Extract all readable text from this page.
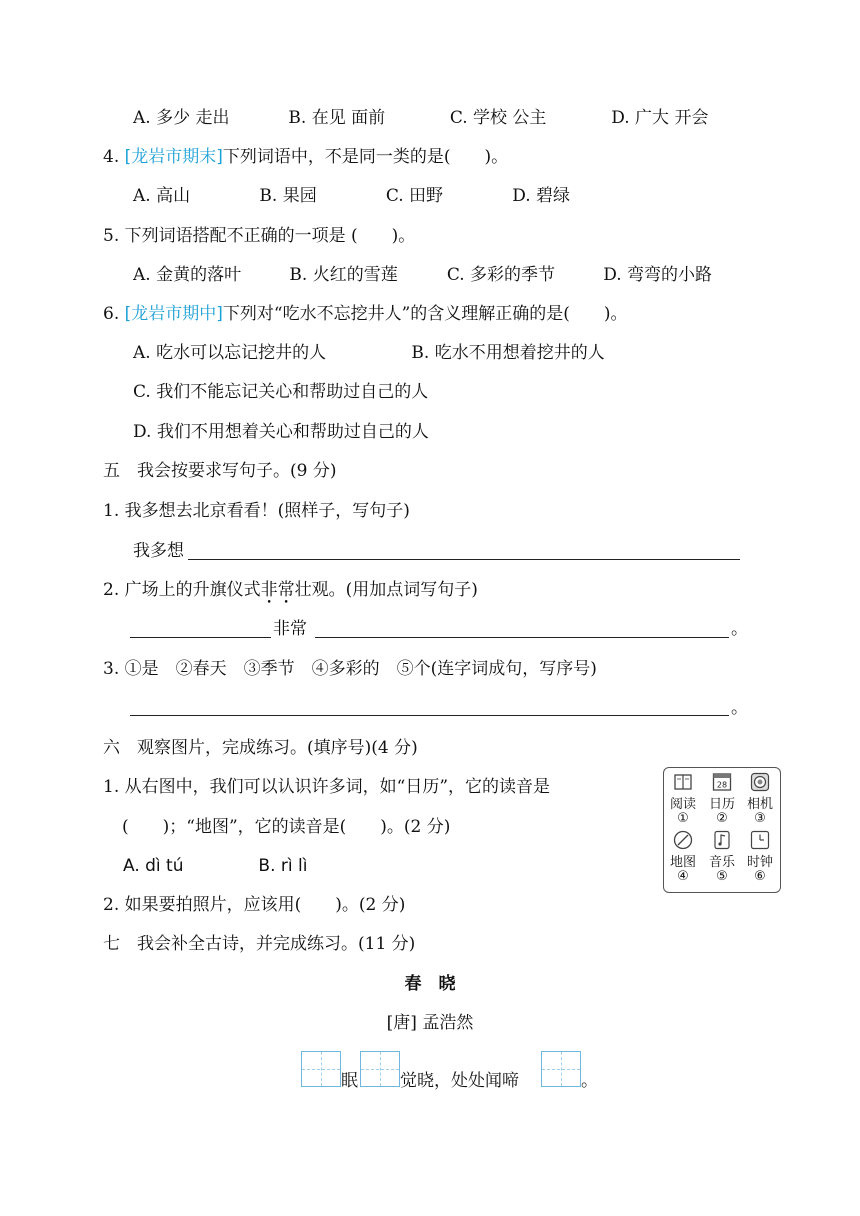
A. 多少 走出	B. 在见 面前	C. 学校 公主	D. 广大 开会
4. [龙岩市期末]下列词语中，不是同一类的是(　　)。
A. 高山	B. 果园	C. 田野	D. 碧绿
5. 下列词语搭配不正确的一项是 (　　)。
A. 金黄的落叶	B. 火红的雪莲	C. 多彩的季节	D. 弯弯的小路
6. [龙岩市期中]下列对“吃水不忘挖井人”的含义理解正确的是(　　)。
A. 吃水可以忘记挖井的人	B. 吃水不用想着挖井的人
C. 我们不能忘记关心和帮助过自己的人
D. 我们不用想着关心和帮助过自己的人
五　我会按要求写句子。(9 分)
1. 我多想去北京看看！(照样子，写句子)
我多想
2. 广场上的升旗仪式非常壮观。(用加点词写句子)
非常	。
3. ①是　②春天　③季节　④多彩的　⑤个(连字词成句，写序号)
。
六　观察图片，完成练习。(填序号)(4 分)
1. 从右图中，我们可以认识许多词，如“日历”，它的读音是
(　　)；“地图”，它的读音是(　　)。(2 分)
A. dì tú	B. rì lì
2. 如果要拍照片，应该用(　　)。(2 分)
阅读
①
28
日历
②
相机
③
地图
④
音乐
⑤
时钟
⑥
七　我会补全古诗，并完成练习。(11 分)
春　晓
[唐] 孟浩然
眠 觉晓，处处闻啼	。
